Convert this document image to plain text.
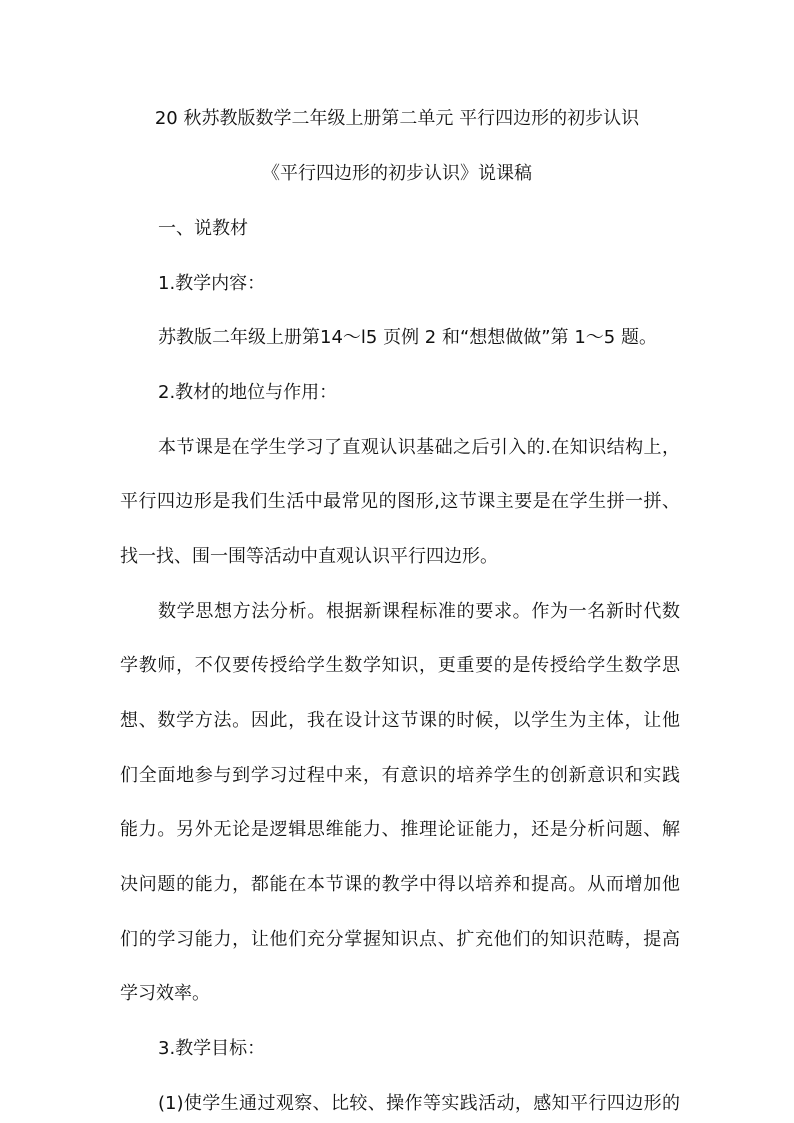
20 秋苏教版数学二年级上册第二单元 平行四边形的初步认识
《平行四边形的初步认识》说课稿
一、说教材
1.教学内容：
苏教版二年级上册第14～l5 页例 2 和“想想做做”第 1～5 题。
2.教材的地位与作用：
本节课是在学生学习了直观认识基础之后引入的.在知识结构上，
平行四边形是我们生活中最常见的图形,这节课主要是在学生拼一拼、
找一找、围一围等活动中直观认识平行四边形。
数学思想方法分析。根据新课程标准的要求。作为一名新时代数
学教师，不仅要传授给学生数学知识，更重要的是传授给学生数学思
想、数学方法。因此，我在设计这节课的时候，以学生为主体，让他
们全面地参与到学习过程中来，有意识的培养学生的创新意识和实践
能力。另外无论是逻辑思维能力、推理论证能力，还是分析问题、解
决问题的能力，都能在本节课的教学中得以培养和提高。从而增加他
们的学习能力，让他们充分掌握知识点、扩充他们的知识范畴，提高
学习效率。
3.教学目标：
(1)使学生通过观察、比较、操作等实践活动，感知平行四边形的
